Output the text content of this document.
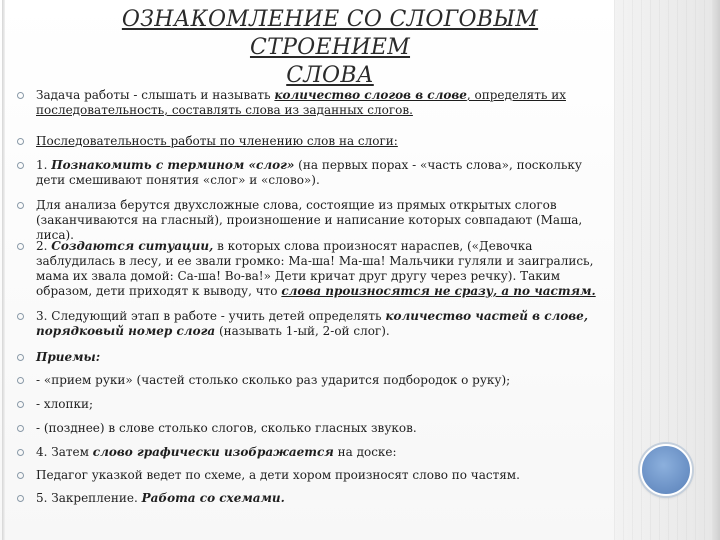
ОЗНАКОМЛЕНИЕ СО СЛОГОВЫМ СТРОЕНИЕМ
СЛОВА
Задача работы - слышать и называть количество слогов в слове, определять их последовательность, составлять слова из заданных слогов.
Последовательность работы по членению слов на слоги:
1. Познакомить с термином «слог» (на первых порах - «часть слова», поскольку дети смешивают понятия «слог» и «слово»).
Для анализа берутся двухсложные слова, состоящие из прямых открытых слогов (заканчиваются на гласный), произношение и написание которых совпадают (Маша, лиса).
2. Создаются ситуации, в которых слова произносят нараспев, («Девочка заблудилась в лесу, и ее звали громко: Ма-ша! Ма-ша! Мальчики гуляли и заигрались, мама их звала домой: Са-ша! Во-ва!» Дети кричат друг другу через речку). Таким образом, дети приходят к выводу, что слова произносятся не сразу, а по частям.
3. Следующий этап в работе - учить детей определять количество частей в слове, порядковый номер слога (называть 1-ый, 2-ой слог).
Приемы:
- «прием руки» (частей столько сколько раз ударится подбородок о руку);
- хлопки;
- (позднее) в слове столько слогов, сколько гласных звуков.
4. Затем слово графически изображается на доске:
Педагог указкой ведет по схеме, а дети хором произносят слово по частям.
5. Закрепление. Работа со схемами.
